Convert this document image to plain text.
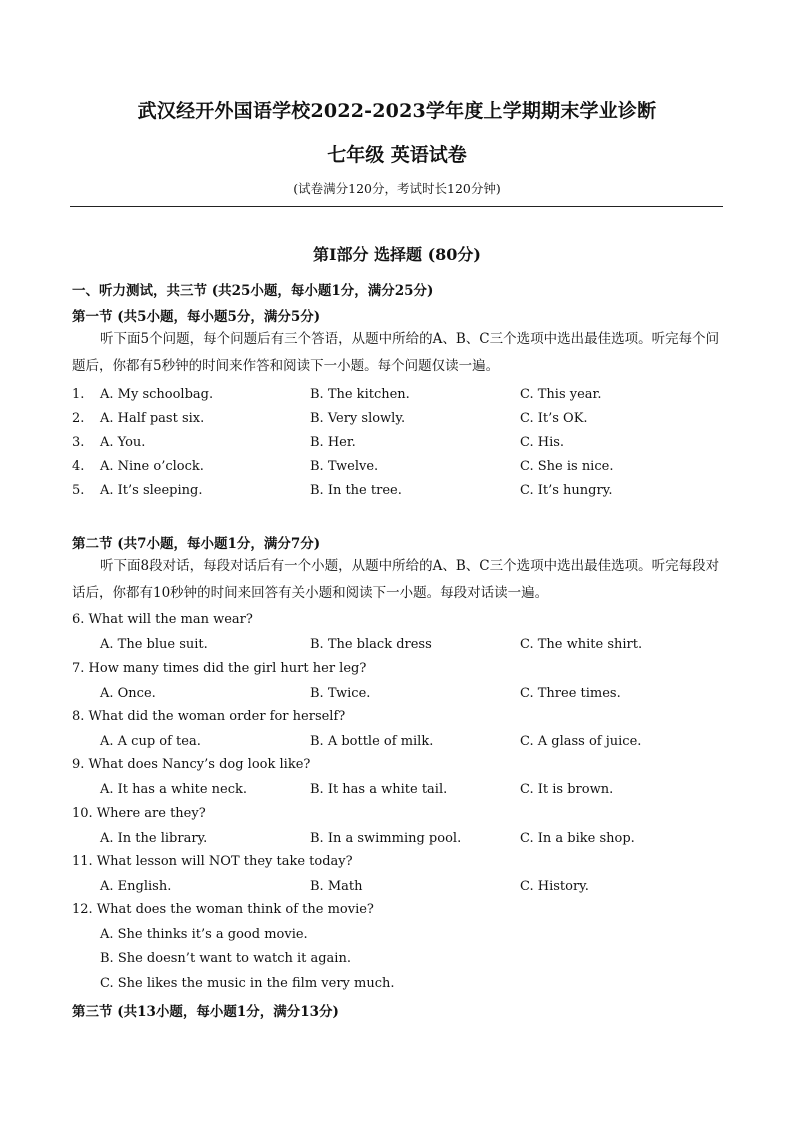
武汉经开外国语学校2022-2023学年度上学期期末学业诊断
七年级 英语试卷
(试卷满分120分，考试时长120分钟)
第Ⅰ部分 选择题 (80分)
一、听力测试，共三节 (共25小题，每小题1分，满分25分)
第一节 (共5小题，每小题5分，满分5分)
听下面5个问题，每个问题后有三个答语，从题中所给的A、B、C三个选项中选出最佳选项。听完每个问题后，你都有5秒钟的时间来作答和阅读下一小题。每个问题仅读一遍。
1. A. My schoolbag.	B. The kitchen.	C. This year.
2. A. Half past six.	B. Very slowly.	C. It’s OK.
3. A. You.	B. Her.	C. His.
4. A. Nine o’clock.	B. Twelve.	C. She is nice.
5. A. It’s sleeping.	B. In the tree.	C. It’s hungry.
第二节 (共7小题，每小题1分，满分7分)
听下面8段对话，每段对话后有一个小题，从题中所给的A、B、C三个选项中选出最佳选项。听完每段对话后，你都有10秒钟的时间来回答有关小题和阅读下一小题。每段对话读一遍。
6. What will the man wear?
A. The blue suit.	B. The black dress	C. The white shirt.
7. How many times did the girl hurt her leg?
A. Once.	B. Twice.	C. Three times.
8. What did the woman order for herself?
A. A cup of tea.	B. A bottle of milk.	C. A glass of juice.
9. What does Nancy’s dog look like?
A. It has a white neck.	B. It has a white tail.	C. It is brown.
10. Where are they?
A. In the library.	B. In a swimming pool.	C. In a bike shop.
11. What lesson will NOT they take today?
A. English.	B. Math	C. History.
12. What does the woman think of the movie?
A. She thinks it’s a good movie.
B. She doesn’t want to watch it again.
C. She likes the music in the film very much.
第三节 (共13小题，每小题1分，满分13分)
